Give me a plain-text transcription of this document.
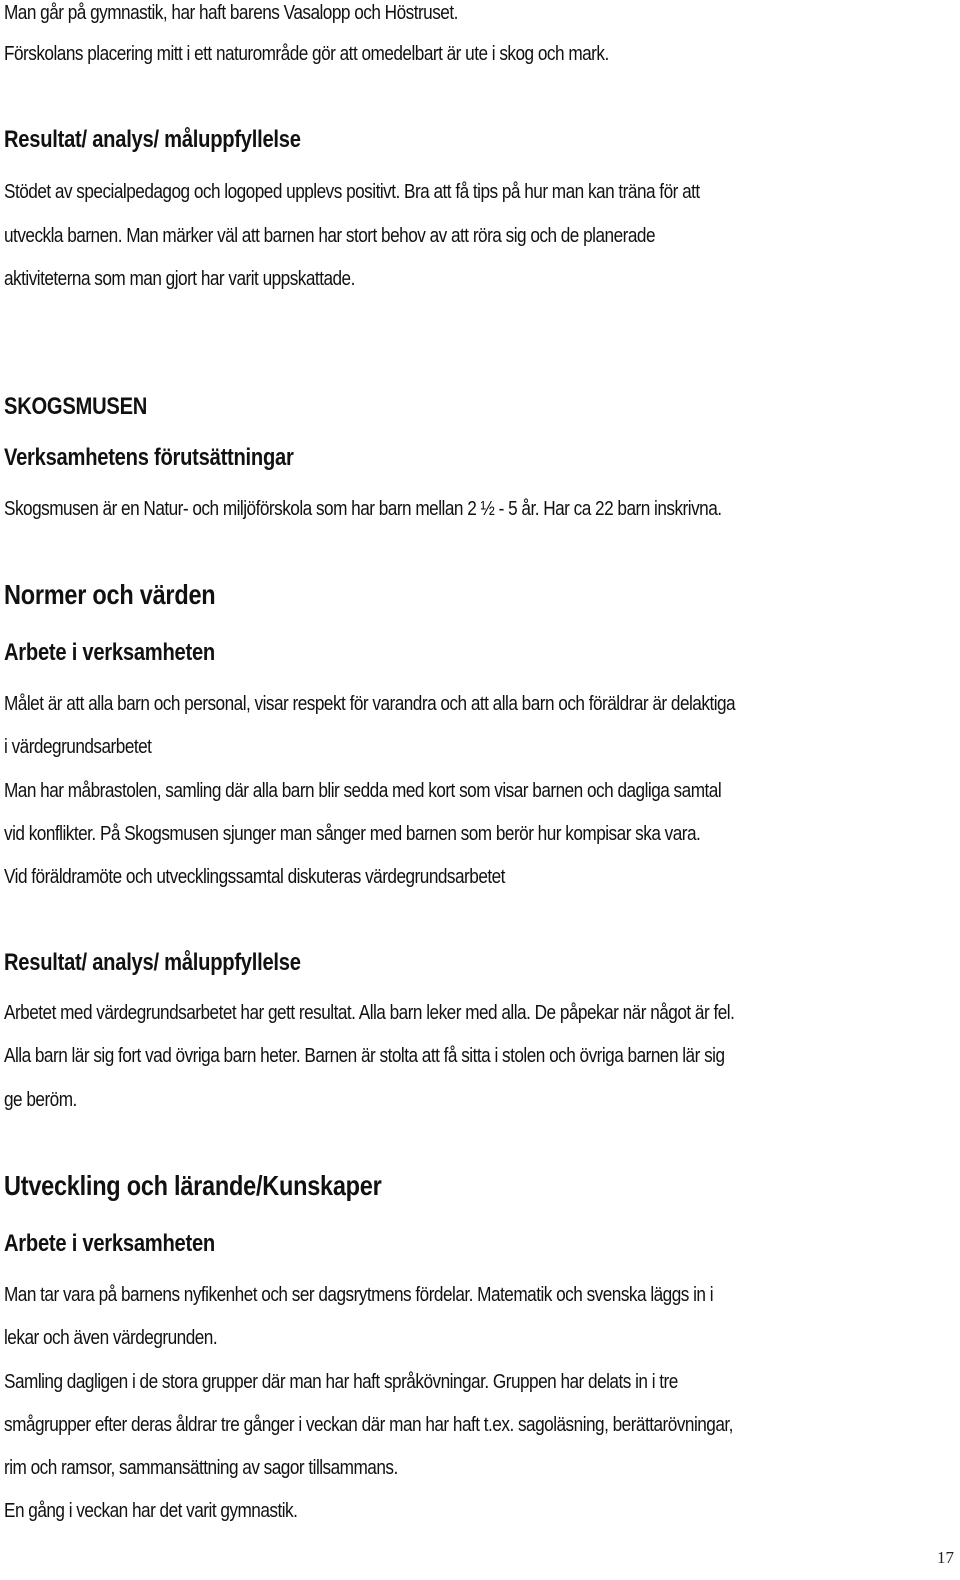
Man går på gymnastik, har haft barens Vasalopp och Höstruset.
Förskolans placering mitt i ett naturområde gör att omedelbart är ute i skog och mark.
Resultat/ analys/ måluppfyllelse
Stödet av specialpedagog och logoped upplevs positivt. Bra att få tips på hur man kan träna för att
utveckla barnen. Man märker väl att barnen har stort behov av att röra sig och de planerade
aktiviteterna som man gjort har varit uppskattade.
SKOGSMUSEN
Verksamhetens förutsättningar
Skogsmusen är en Natur- och miljöförskola som har barn mellan 2 ½ - 5 år. Har ca 22 barn inskrivna.
Normer och värden
Arbete i verksamheten
Målet är att alla barn och personal, visar respekt för varandra och att alla barn och föräldrar är delaktiga
i värdegrundsarbetet
Man har måbrastolen, samling där alla barn blir sedda med kort som visar barnen och dagliga samtal
vid konflikter. På Skogsmusen sjunger man sånger med barnen som berör hur kompisar ska vara.
Vid föräldramöte och utvecklingssamtal diskuteras värdegrundsarbetet
Resultat/ analys/ måluppfyllelse
Arbetet med värdegrundsarbetet har gett resultat. Alla barn leker med alla. De påpekar när något är fel.
Alla barn lär sig fort vad övriga barn heter. Barnen är stolta att få sitta i stolen och övriga barnen lär sig
ge beröm.
Utveckling och lärande/Kunskaper
Arbete i verksamheten
Man tar vara på barnens nyfikenhet och ser dagsrytmens fördelar. Matematik och svenska läggs in i
lekar och även värdegrunden.
Samling dagligen i de stora grupper där man har haft språkövningar. Gruppen har delats in i tre
smågrupper efter deras åldrar tre gånger i veckan där man har haft t.ex. sagoläsning, berättarövningar,
rim och ramsor, sammansättning av sagor tillsammans.
En gång i veckan har det varit gymnastik.
17
